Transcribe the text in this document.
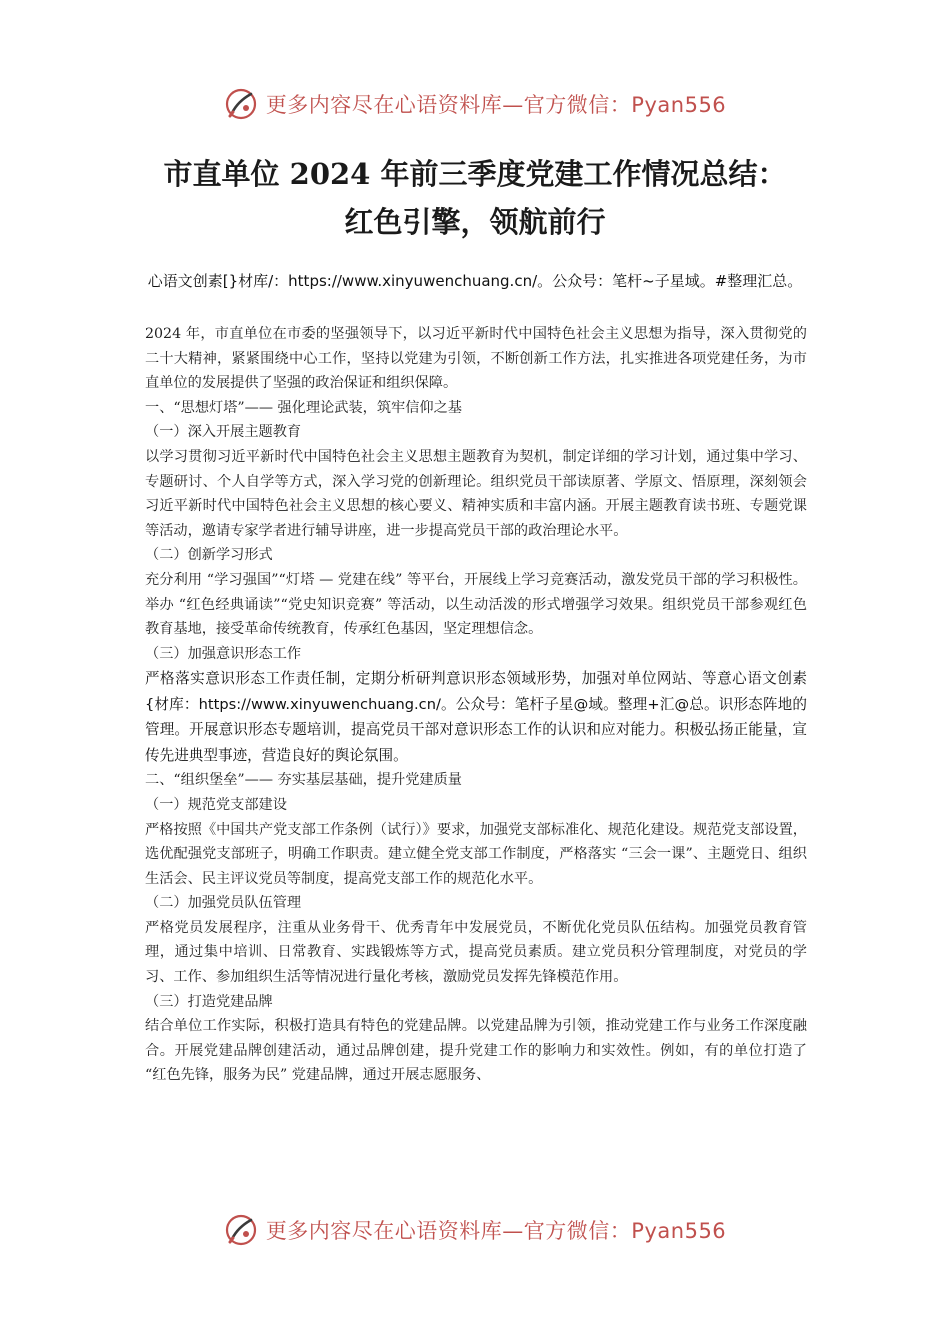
更多内容尽在心语资料库—官方微信：Pyan556
市直单位 2024 年前三季度党建工作情况总结：红色引擎，领航前行
心语文创素[}材库/：https://www.xinyuwenchuang.cn/。公众号：笔杆~子星域。#整理汇总。

2024 年，市直单位在市委的坚强领导下，以习近平新时代中国特色社会主义思想为指导，深入贯彻党的二十大精神，紧紧围绕中心工作，坚持以党建为引领，不断创新工作方法，扎实推进各项党建任务，为市直单位的发展提供了坚强的政治保证和组织保障。

一、“思想灯塔”—— 强化理论武装，筑牢信仰之基

（一）深入开展主题教育

以学习贯彻习近平新时代中国特色社会主义思想主题教育为契机，制定详细的学习计划，通过集中学习、专题研讨、个人自学等方式，深入学习党的创新理论。组织党员干部读原著、学原文、悟原理，深刻领会习近平新时代中国特色社会主义思想的核心要义、精神实质和丰富内涵。开展主题教育读书班、专题党课等活动，邀请专家学者进行辅导讲座，进一步提高党员干部的政治理论水平。

（二）创新学习形式

充分利用 “学习强国”“灯塔 — 党建在线” 等平台，开展线上学习竞赛活动，激发党员干部的学习积极性。举办 “红色经典诵读”“党史知识竞赛” 等活动，以生动活泼的形式增强学习效果。组织党员干部参观红色教育基地，接受革命传统教育，传承红色基因，坚定理想信念。

（三）加强意识形态工作

严格落实意识形态工作责任制，定期分析研判意识形态领域形势，加强对单位网站、等意心语文创素{材库：https://www.xinyuwenchuang.cn/。公众号：笔杆子星@域。整理+汇@总。识形态阵地的管理。开展意识形态专题培训，提高党员干部对意识形态工作的认识和应对能力。积极弘扬正能量，宣传先进典型事迹，营造良好的舆论氛围。

二、“组织堡垒”—— 夯实基层基础，提升党建质量

（一）规范党支部建设

严格按照《中国共产党支部工作条例（试行）》要求，加强党支部标准化、规范化建设。规范党支部设置，选优配强党支部班子，明确工作职责。建立健全党支部工作制度，严格落实 “三会一课”、主题党日、组织生活会、民主评议党员等制度，提高党支部工作的规范化水平。

（二）加强党员队伍管理

严格党员发展程序，注重从业务骨干、优秀青年中发展党员，不断优化党员队伍结构。加强党员教育管理，通过集中培训、日常教育、实践锻炼等方式，提高党员素质。建立党员积分管理制度，对党员的学习、工作、参加组织生活等情况进行量化考核，激励党员发挥先锋模范作用。

（三）打造党建品牌

结合单位工作实际，积极打造具有特色的党建品牌。以党建品牌为引领，推动党建工作与业务工作深度融合。开展党建品牌创建活动，通过品牌创建，提升党建工作的影响力和实效性。例如，有的单位打造了 “红色先锋，服务为民” 党建品牌，通过开展志愿服务、

更多内容尽在心语资料库—官方微信：Pyan556
